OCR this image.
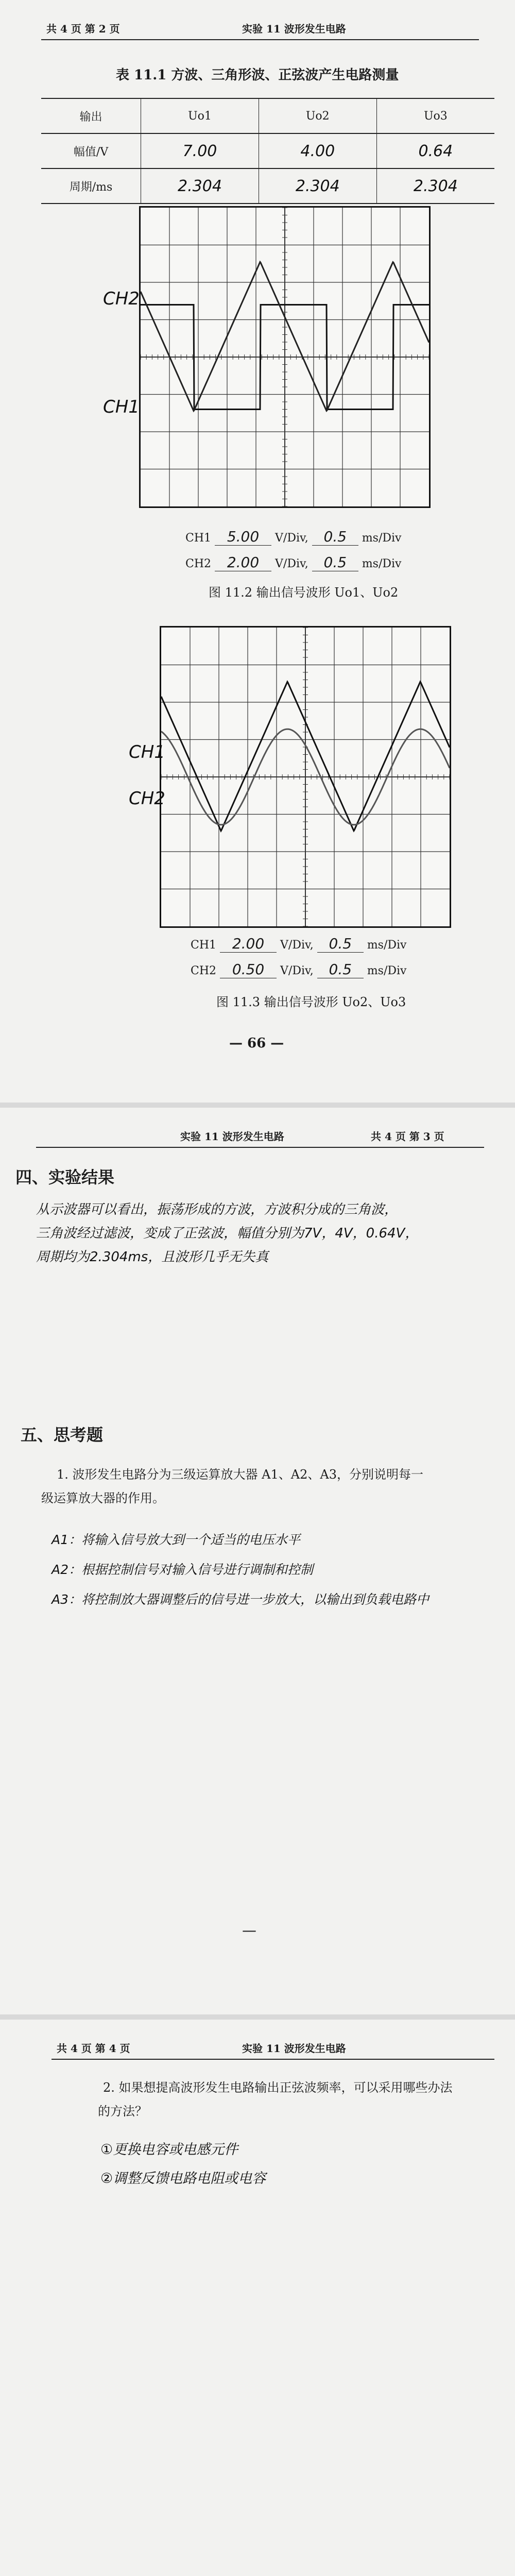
共 4 页 第 2 页	实验 11 波形发生电路
表 11.1 方波、三角形波、正弦波产生电路测量
输出	Uo1	Uo2	Uo3
幅值/V	7.00	4.00	0.64
周期/ms	2.304	2.304	2.304
CH2
CH1
CH1 5.00 V/Div, 0.5 ms/Div
CH2 2.00 V/Div, 0.5 ms/Div
图 11.2 输出信号波形 Uo1、Uo2
CH1
CH2
CH1 2.00 V/Div, 0.5 ms/Div
CH2 0.50 V/Div, 0.5 ms/Div
图 11.3 输出信号波形 Uo2、Uo3
— 66 —
实验 11 波形发生电路	共 4 页 第 3 页
四、实验结果
从示波器可以看出，振荡形成的方波，方波积分成的三角波，
三角波经过滤波，变成了正弦波，幅值分别为7V，4V，0.64V，
周期均为2.304ms，且波形几乎无失真
五、思考题
1. 波形发生电路分为三级运算放大器 A1、A2、A3，分别说明每一
级运算放大器的作用。
A1：将输入信号放大到一个适当的电压水平
A2：根据控制信号对输入信号进行调制和控制
A3：将控制放大器调整后的信号进一步放大，以输出到负载电路中
—
共 4 页 第 4 页	实验 11 波形发生电路
2. 如果想提高波形发生电路输出正弦波频率，可以采用哪些办法
的方法？
①更换电容或电感元件
②调整反馈电路电阻或电容
